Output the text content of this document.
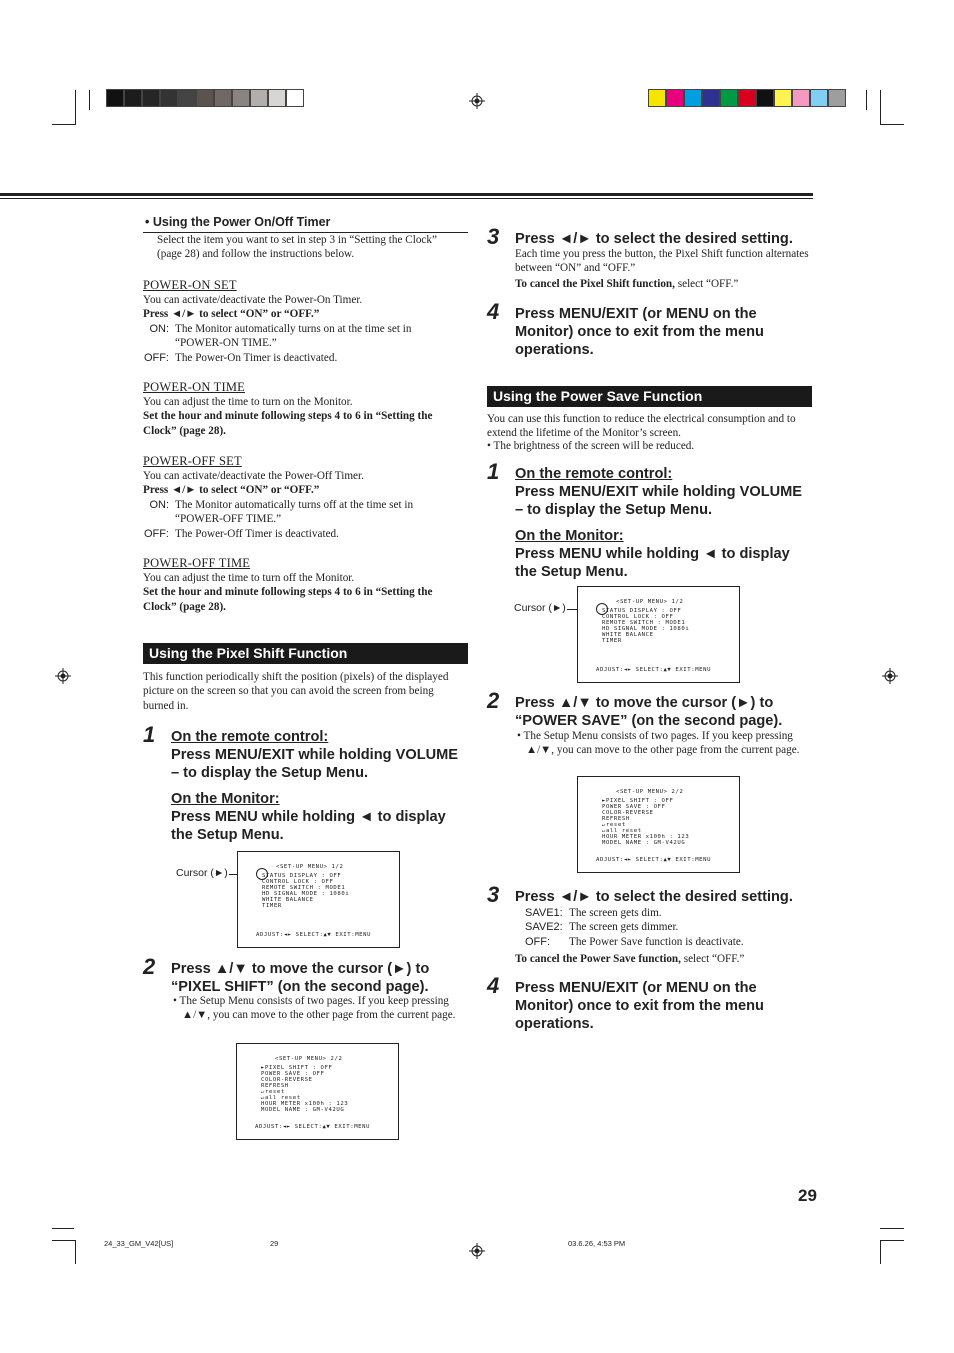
• Using the Power On/Off Timer
Select the item you want to set in step 3 in “Setting the Clock” (page 28) and follow the instructions below.
POWER-ON SET
You can activate/deactivate the Power-On Timer.
Press ◄/► to select “ON” or “OFF.”
ON: The Monitor automatically turns on at the time set in “POWER-ON TIME.”
OFF: The Power-On Timer is deactivated.
POWER-ON TIME
You can adjust the time to turn on the Monitor.
Set the hour and minute following steps 4 to 6 in “Setting the Clock” (page 28).
POWER-OFF SET
You can activate/deactivate the Power-Off Timer.
Press ◄/► to select “ON” or “OFF.”
ON: The Monitor automatically turns off at the time set in “POWER-OFF TIME.”
OFF: The Power-Off Timer is deactivated.
POWER-OFF TIME
You can adjust the time to turn off the Monitor.
Set the hour and minute following steps 4 to 6 in “Setting the Clock” (page 28).
Using the Pixel Shift Function
This function periodically shift the position (pixels) of the displayed picture on the screen so that you can avoid the screen from being burned in.
1 On the remote control:
Press MENU/EXIT while holding VOLUME – to display the Setup Menu.
On the Monitor:
Press MENU while holding ◄ to display the Setup Menu.
Cursor (►)	<SET-UP MENU> 1/2
STATUS DISPLAY : OFF
CONTROL LOCK : OFF
REMOTE SWITCH : MODE1
HD SIGNAL MODE : 1080i
WHITE BALANCE
TIMER
ADJUST:◄► SELECT:▲▼ EXIT:MENU
2 Press ▲/▼ to move the cursor (►) to “PIXEL SHIFT” (on the second page).
• The Setup Menu consists of two pages. If you keep pressing ▲/▼, you can move to the other page from the current page.
<SET-UP MENU> 2/2
►PIXEL SHIFT : OFF
POWER SAVE : OFF
COLOR-REVERSE
REFRESH
↵reset
↵all reset
HOUR METER x100h : 123
MODEL NAME : GM-V42UG
ADJUST:◄► SELECT:▲▼ EXIT:MENU
3 Press ◄/► to select the desired setting.
Each time you press the button, the Pixel Shift function alternates between “ON” and “OFF.”
To cancel the Pixel Shift function, select “OFF.”
4 Press MENU/EXIT (or MENU on the Monitor) once to exit from the menu operations.
Using the Power Save Function
You can use this function to reduce the electrical consumption and to extend the lifetime of the Monitor’s screen.
• The brightness of the screen will be reduced.
1 On the remote control:
Press MENU/EXIT while holding VOLUME – to display the Setup Menu.
On the Monitor:
Press MENU while holding ◄ to display the Setup Menu.
Cursor (►)	<SET-UP MENU> 1/2
STATUS DISPLAY : OFF
CONTROL LOCK : OFF
REMOTE SWITCH : MODE1
HD SIGNAL MODE : 1080i
WHITE BALANCE
TIMER
ADJUST:◄► SELECT:▲▼ EXIT:MENU
2 Press ▲/▼ to move the cursor (►) to “POWER SAVE” (on the second page).
• The Setup Menu consists of two pages. If you keep pressing ▲/▼, you can move to the other page from the current page.
<SET-UP MENU> 2/2
►PIXEL SHIFT : OFF
POWER SAVE : OFF
COLOR-REVERSE
REFRESH
↵reset
↵all reset
HOUR METER x100h : 123
MODEL NAME : GM-V42UG
ADJUST:◄► SELECT:▲▼ EXIT:MENU
3 Press ◄/► to select the desired setting.
SAVE1: The screen gets dim.
SAVE2: The screen gets dimmer.
OFF:	The Power Save function is deactivate.
To cancel the Power Save function, select “OFF.”
4 Press MENU/EXIT (or MENU on the Monitor) once to exit from the menu operations.
29
24_33_GM_V42[US]	29	03.6.26, 4:53 PM
